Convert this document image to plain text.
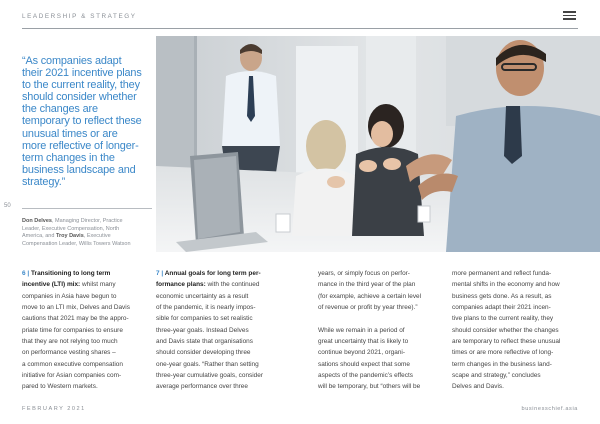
LEADERSHIP & STRATEGY
“As companies adapt
their 2021 incentive plans
to the current reality, they
should consider whether
the changes are
temporary to reflect these
unusual times or are
more reflective of longer-
term changes in the
business landscape and
strategy.”
50
Don Delves, Managing Director, Practice
Leader, Executive Compensation, North
America, and Troy Davis, Executive
Compensation Leader, Willis Towers Watson
6 | Transitioning to long term
incentive (LTI) mix: whilst many
companies in Asia have begun to
move to an LTI mix, Delves and Davis
cautions that 2021 may be the appro-
priate time for companies to ensure
that they are not relying too much
on performance vesting shares –
a common executive compensation
initiative for Asian companies com-
pared to Western markets.
7 | Annual goals for long term per-
formance plans: with the continued
economic uncertainty as a result
of the pandemic, it is nearly impos-
sible for companies to set realistic
three-year goals. Instead Delves
and Davis state that organisations
should consider developing three
one-year goals. “Rather than setting
three-year cumulative goals, consider
average performance over three
years, or simply focus on perfor-
mance in the third year of the plan
(for example, achieve a certain level
of revenue or profit by year three).”
While we remain in a period of
great uncertainty that is likely to
continue beyond 2021, organi-
sations should expect that some
aspects of the pandemic’s effects
will be temporary, but “others will be
more permanent and reflect funda-
mental shifts in the economy and how
business gets done. As a result, as
companies adapt their 2021 incen-
tive plans to the current reality, they
should consider whether the changes
are temporary to reflect these unusual
times or are more reflective of long-
term changes in the business land-
scape and strategy,” concludes
Delves and Davis.
FEBRUARY 2021	businesschief.asia
